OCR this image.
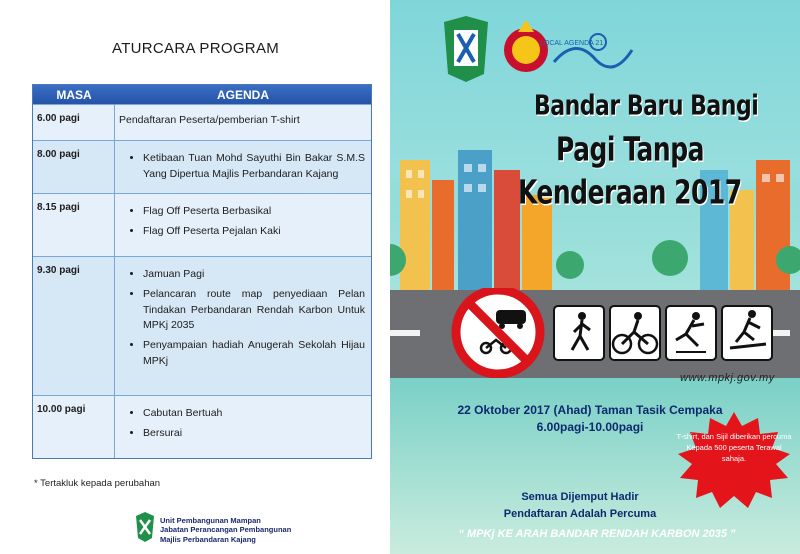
LOCAL AGENDA 21
Bandar Baru Bangi
Pagi Tanpa
Kenderaan 2017
www.mpkj.gov.my
22 Oktober 2017 (Ahad) Taman Tasik Cempaka
6.00pagi-10.00pagi
T-shirt, dan Sijil diberikan percuma Kepada 500 peserta Terawal sahaja.
Semua Dijemput Hadir
Pendaftaran Adalah Percuma
“ MPKj KE ARAH BANDAR RENDAH KARBON 2035 ”
ATURCARA PROGRAM
MASA	AGENDA
6.00 pagi	Pendaftaran Peserta/pemberian T-shirt
8.00 pagi	• Ketibaan Tuan Mohd Sayuthi Bin Bakar S.M.S Yang Dipertua Majlis Perbandaran Kajang
8.15 pagi	• Flag Off Peserta Berbasikal
• Flag Off Peserta Pejalan Kaki
9.30 pagi	• Jamuan Pagi
• Pelancaran route map penyediaan Pelan Tindakan Perbandaran Rendah Karbon Untuk MPKj 2035
• Penyampaian hadiah Anugerah Sekolah Hijau MPKj
10.00 pagi	• Cabutan Bertuah
• Bersurai
* Tertakluk kepada perubahan
Unit Pembangunan Mampan
Jabatan Perancangan Pembangunan
Majlis Perbandaran Kajang
